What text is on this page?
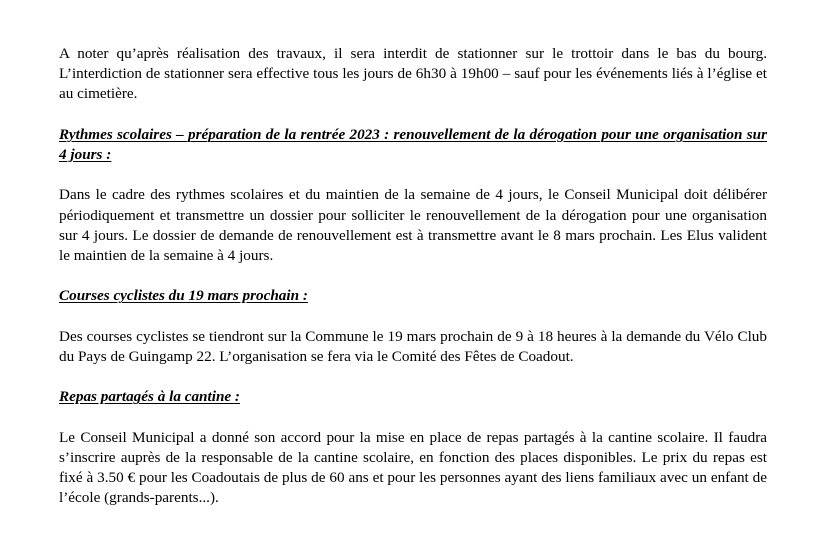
A noter qu’après réalisation des travaux, il sera interdit de stationner sur le trottoir dans le bas du bourg. L’interdiction de stationner sera effective tous les jours de 6h30 à 19h00 – sauf pour les événements liés à l’église et au cimetière.

Rythmes scolaires – préparation de la rentrée 2023 : renouvellement de la dérogation pour une organisation sur 4 jours :

Dans le cadre des rythmes scolaires et du maintien de la semaine de 4 jours, le Conseil Municipal doit délibérer périodiquement et transmettre un dossier pour solliciter le renouvellement de la dérogation pour une organisation sur 4 jours. Le dossier de demande de renouvellement est à transmettre avant le 8 mars prochain. Les Elus valident le maintien de la semaine à 4 jours.

Courses cyclistes du 19 mars prochain :

Des courses cyclistes se tiendront sur la Commune le 19 mars prochain de 9 à 18 heures à la demande du Vélo Club du Pays de Guingamp 22. L’organisation se fera via le Comité des Fêtes de Coadout.

Repas partagés à la cantine :

Le Conseil Municipal a donné son accord pour la mise en place de repas partagés à la cantine scolaire. Il faudra s’inscrire auprès de la responsable de la cantine scolaire, en fonction des places disponibles. Le prix du repas est fixé à 3.50 € pour les Coadoutais de plus de 60 ans et pour les personnes ayant des liens familiaux avec un enfant de l’école (grands-parents...).
